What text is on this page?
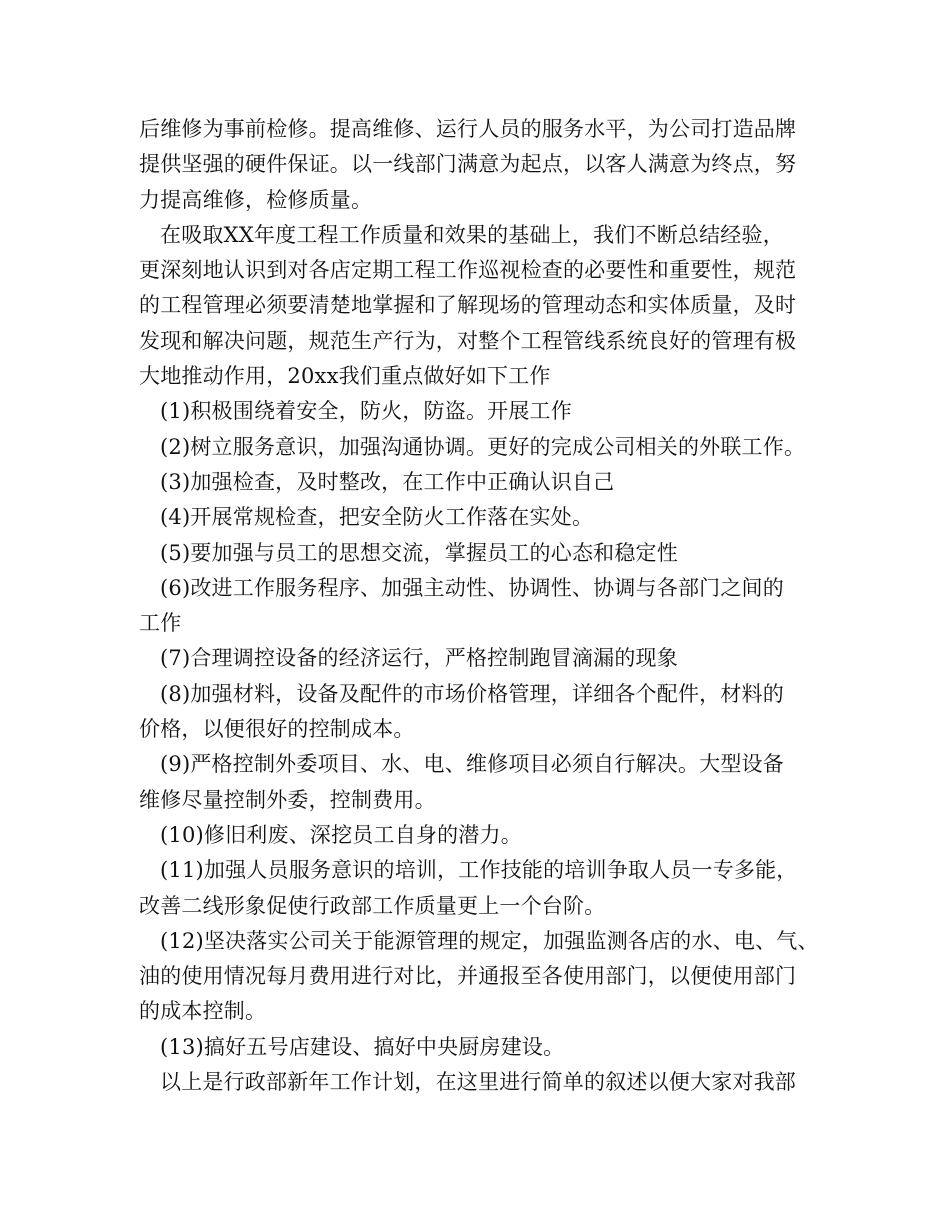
后维修为事前检修。提高维修、运行人员的服务水平，为公司打造品牌
提供坚强的硬件保证。以一线部门满意为起点，以客人满意为终点，努
力提高维修，检修质量。
在吸取XX年度工程工作质量和效果的基础上，我们不断总结经验，
更深刻地认识到对各店定期工程工作巡视检查的必要性和重要性，规范
的工程管理必须要清楚地掌握和了解现场的管理动态和实体质量，及时
发现和解决问题，规范生产行为，对整个工程管线系统良好的管理有极
大地推动作用，20xx我们重点做好如下工作
(1)积极围绕着安全，防火，防盗。开展工作
(2)树立服务意识，加强沟通协调。更好的完成公司相关的外联工作。
(3)加强检查，及时整改，在工作中正确认识自己
(4)开展常规检查，把安全防火工作落在实处。
(5)要加强与员工的思想交流，掌握员工的心态和稳定性
(6)改进工作服务程序、加强主动性、协调性、协调与各部门之间的
工作
(7)合理调控设备的经济运行，严格控制跑冒滴漏的现象
(8)加强材料，设备及配件的市场价格管理，详细各个配件，材料的
价格，以便很好的控制成本。
(9)严格控制外委项目、水、电、维修项目必须自行解决。大型设备
维修尽量控制外委，控制费用。
(10)修旧利废、深挖员工自身的潜力。
(11)加强人员服务意识的培训，工作技能的培训争取人员一专多能，
改善二线形象促使行政部工作质量更上一个台阶。
(12)坚决落实公司关于能源管理的规定，加强监测各店的水、电、气、
油的使用情况每月费用进行对比，并通报至各使用部门，以便使用部门
的成本控制。
(13)搞好五号店建设、搞好中央厨房建设。
以上是行政部新年工作计划，在这里进行简单的叙述以便大家对我部
